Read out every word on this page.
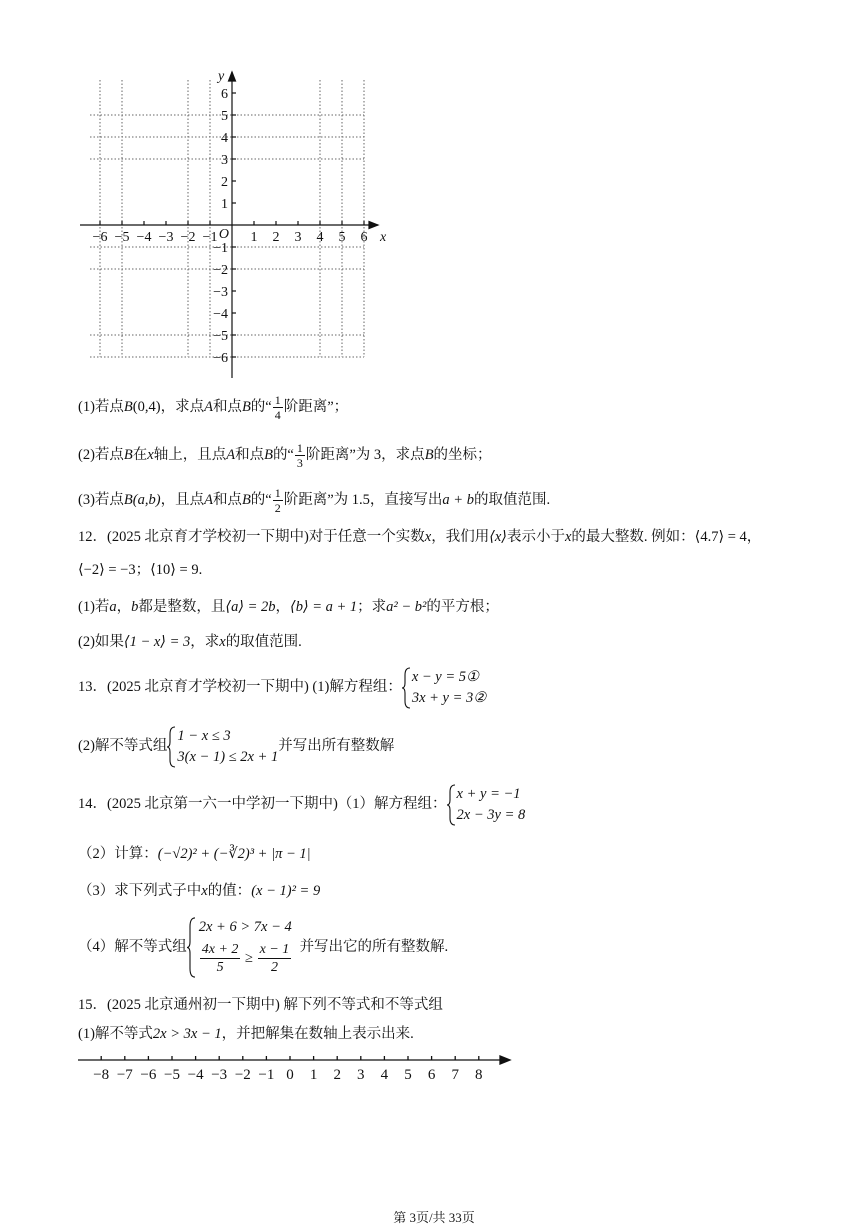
−6 −5 −4 −3 −2 −1 1 2 3 4 5 6
6
5
4
3
2
1
−1
−2
−3
−4
−5
−6
x
y
O
(1)若点B(0,4)，求点A和点B的“ $\frac{1}{4}$ 阶距离”；
(2)若点B在x轴上，且点A和点B的“ $\frac{1}{3}$ 阶距离”为 3，求点B的坐标；
(3)若点B(a,b)，且点A和点B的“ $\frac{1}{2}$ 阶距离”为 1.5，直接写出a + b的取值范围.
12．(2025 北京育才学校初一下期中)对于任意一个实数x，我们用⟨x⟩表示小于x的最大整数. 例如：⟨4.7⟩ = 4，
⟨−2⟩ = −3；⟨10⟩ = 9.
(1)若a，b都是整数，且⟨a⟩ = 2b，⟨b⟩ = a + 1；求a² − b²的平方根；
(2)如果⟨1 − x⟩ = 3，求x的取值范围.
13．(2025 北京育才学校初一下期中) (1)解方程组：
x − y = 5①
3x + y = 3②
(2)解不等式组
1 − x ≤ 3
3(x − 1) ≤ 2x + 1
并写出所有整数解
14．(2025 北京第一六一中学初一下期中)（1）解方程组：
x + y = −1
2x − 3y = 8
（2）计算：(−√2)² + (−∛2)³ + |π − 1|
（3）求下列式子中x的值：(x − 1)² = 9
（4）解不等式组
2x + 6 > 7x − 4
$\frac{4x + 2}{5} \ge \frac{x - 1}{2}$ 并写出它的所有整数解.
15．(2025 北京通州初一下期中) 解下列不等式和不等式组
(1)解不等式2x > 3x − 1，并把解集在数轴上表示出来.
−8 −7 −6 −5 −4 −3 −2 −1 0 1 2 3 4 5 6 7 8
第 3页/共 33页
